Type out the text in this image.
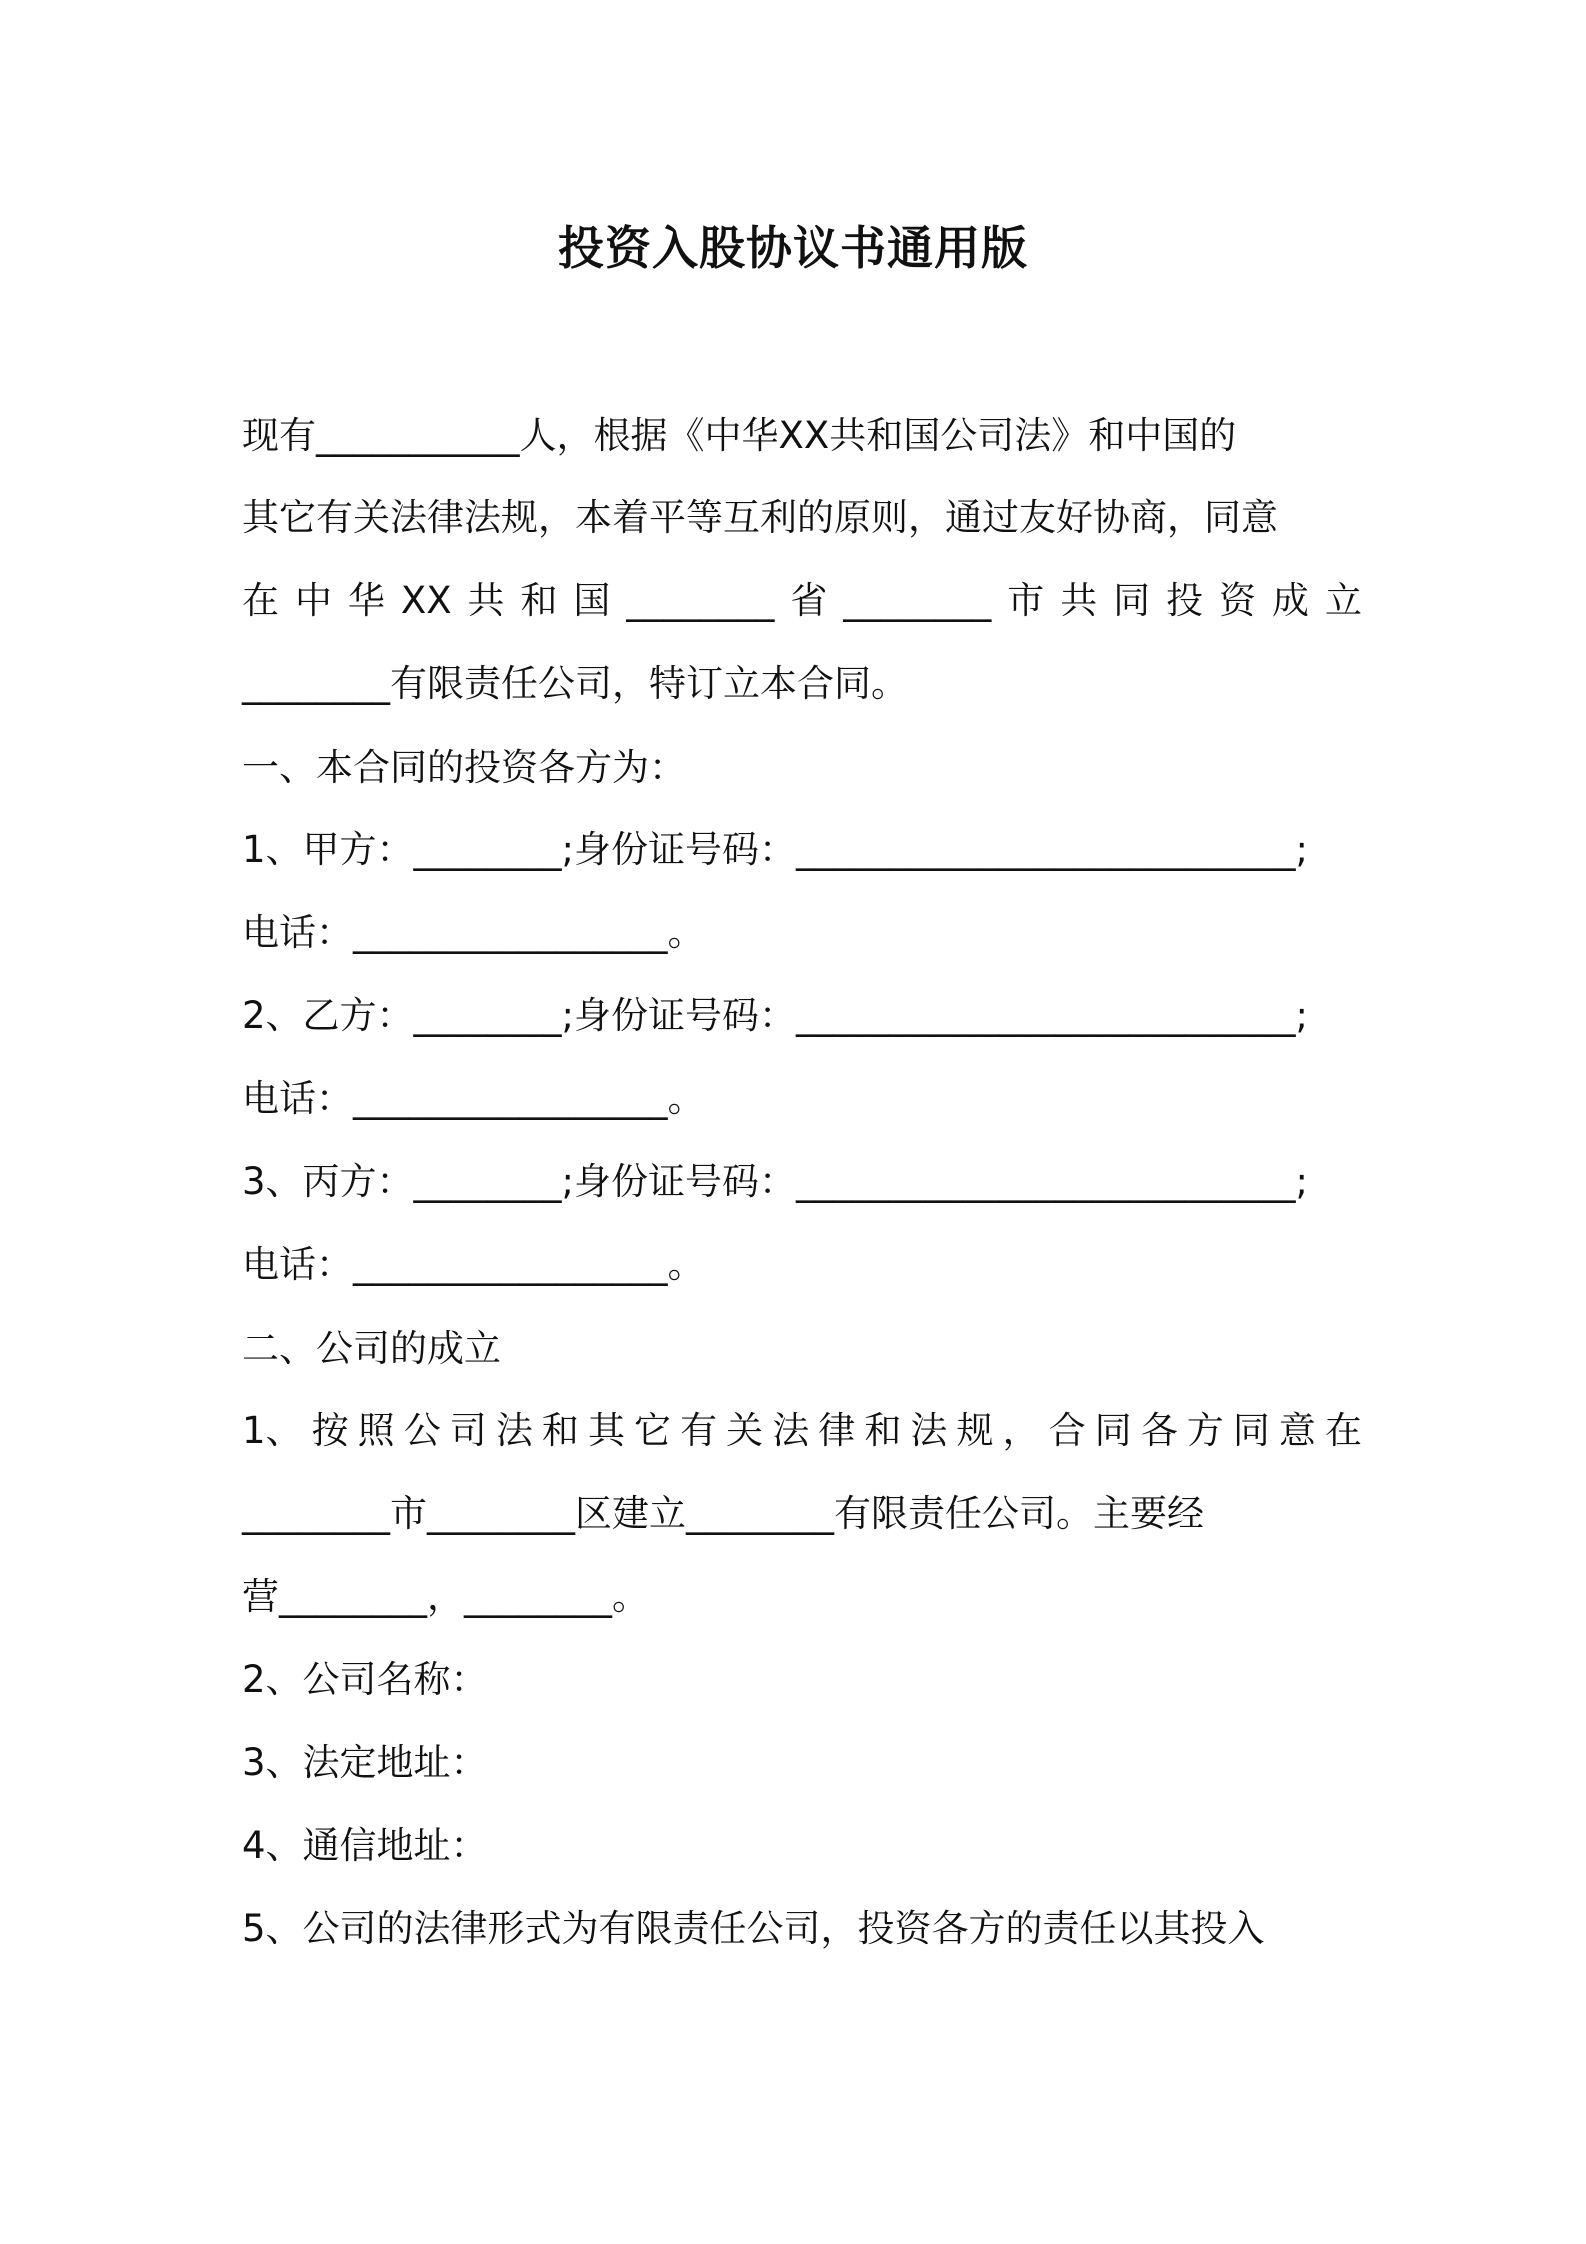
投资入股协议书通用版
现有___________人，根据《中华XX共和国公司法》和中国的
其它有关法律法规，本着平等互利的原则，通过友好协商，同意
在 中 华 XX 共 和 国 ________ 省 ________ 市 共 同 投 资 成 立
________有限责任公司，特订立本合同。
一、本合同的投资各方为：
1、甲方：________;身份证号码：___________________________;
电话：_________________。
2、乙方：________;身份证号码：___________________________;
电话：_________________。
3、丙方：________;身份证号码：___________________________;
电话：_________________。
二、公司的成立
1、 按 照 公 司 法 和 其 它 有 关 法 律 和 法 规 ， 合 同 各 方 同 意 在
________市________区建立________有限责任公司。主要经
营________，________。
2、公司名称：
3、法定地址：
4、通信地址：
5、公司的法律形式为有限责任公司，投资各方的责任以其投入
